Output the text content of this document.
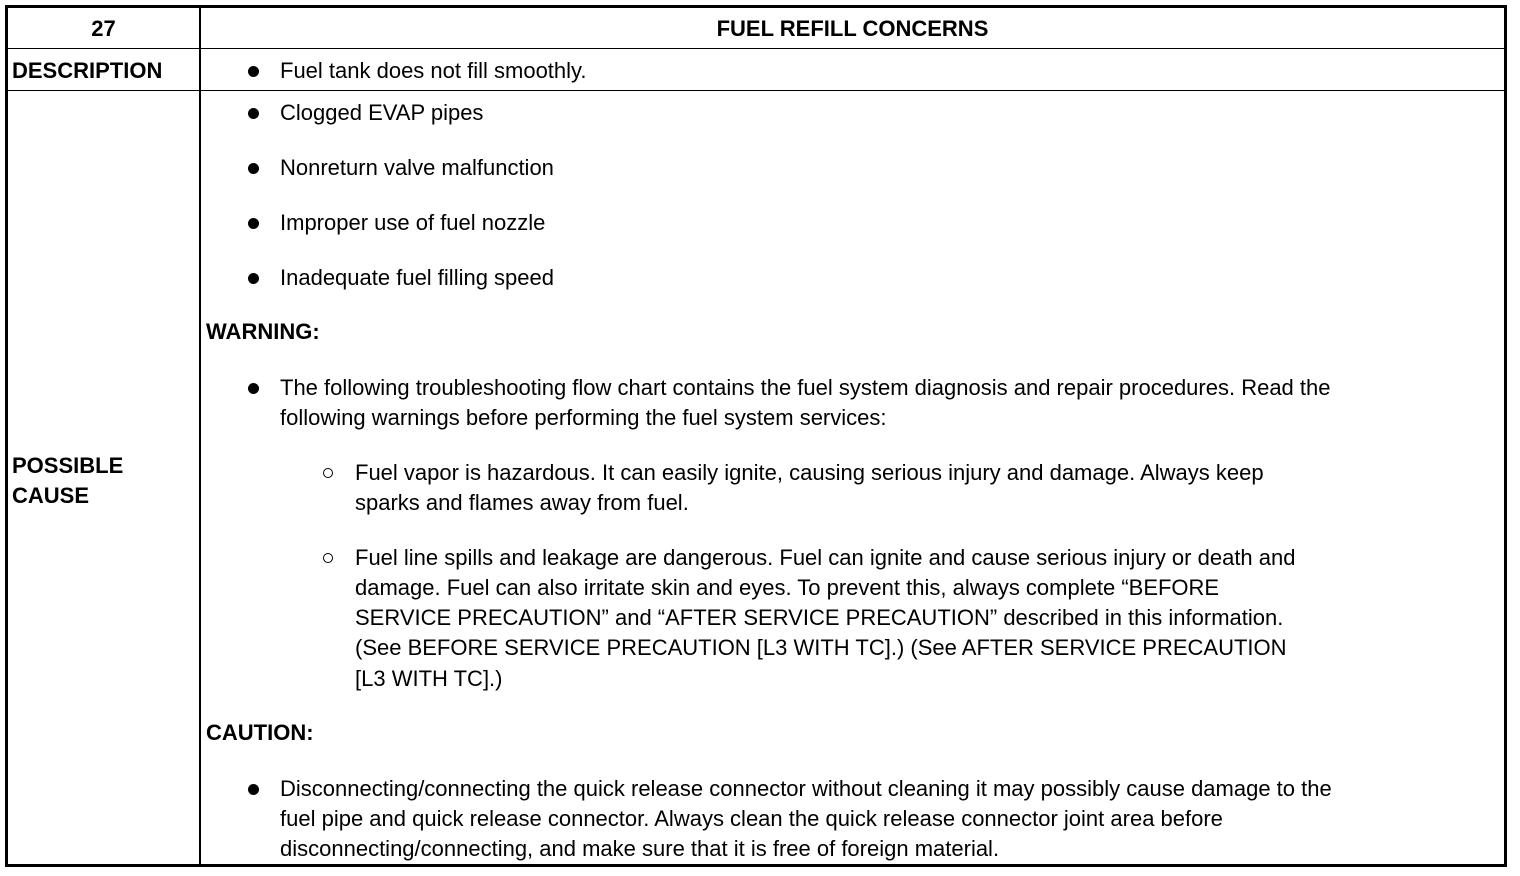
27	FUEL REFILL CONCERNS
DESCRIPTION	Fuel tank does not fill smoothly.
POSSIBLE
CAUSE
Clogged EVAP pipes
Nonreturn valve malfunction
Improper use of fuel nozzle
Inadequate fuel filling speed
WARNING:
The following troubleshooting flow chart contains the fuel system diagnosis and repair procedures. Read the
following warnings before performing the fuel system services:
Fuel vapor is hazardous. It can easily ignite, causing serious injury and damage. Always keep
sparks and flames away from fuel.
Fuel line spills and leakage are dangerous. Fuel can ignite and cause serious injury or death and
damage. Fuel can also irritate skin and eyes. To prevent this, always complete “BEFORE
SERVICE PRECAUTION” and “AFTER SERVICE PRECAUTION” described in this information.
(See BEFORE SERVICE PRECAUTION [L3 WITH TC].) (See AFTER SERVICE PRECAUTION
[L3 WITH TC].)
CAUTION:
Disconnecting/connecting the quick release connector without cleaning it may possibly cause damage to the
fuel pipe and quick release connector. Always clean the quick release connector joint area before
disconnecting/connecting, and make sure that it is free of foreign material.
